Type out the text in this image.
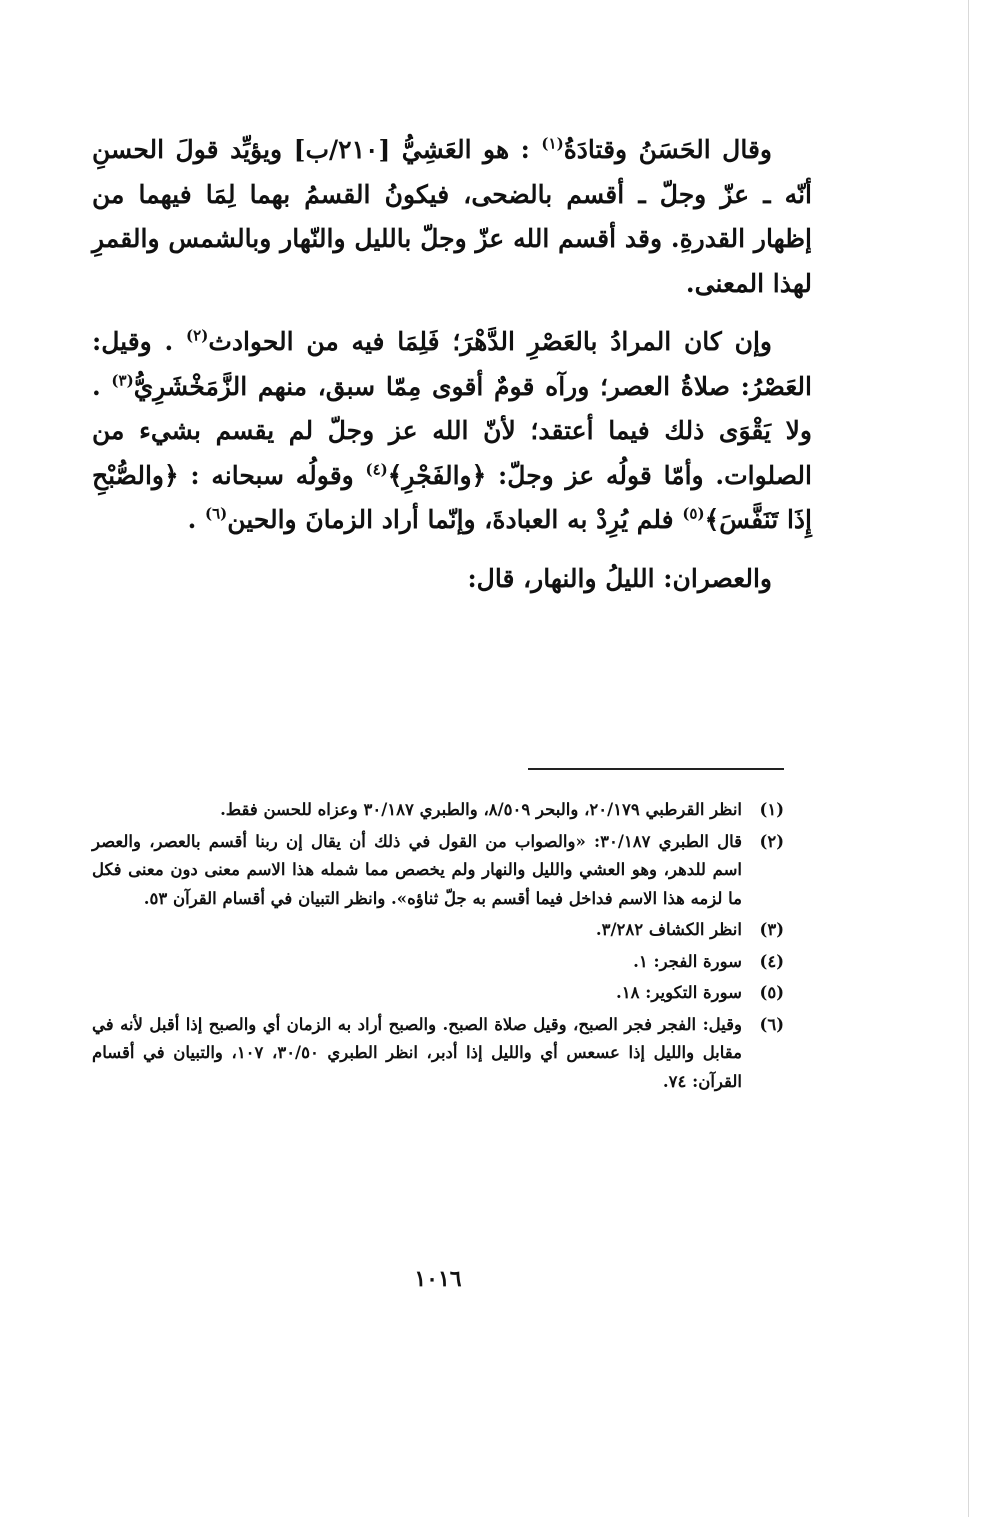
وقال الحَسَنُ وقتادَةُ$^{(١)}$ : هو العَشِيُّ [٢١٠/ب] ويؤيِّد قولَ الحسنِ أنّه ـ عزّ وجلّ ـ أقسم بالضحى، فيكونُ القسمُ بهما لِمَا فيهما من إظهار القدرةِ. وقد أقسم الله عزّ وجلّ بالليل والنّهار وبالشمس والقمرِ لهذا المعنى.

وإن كان المرادُ بالعَصْرِ الدَّهْرَ؛ فَلِمَا فيه من الحوادث$^{(٢)}$ . وقيل: العَصْرُ: صلاةُ العصر؛ ورآه قومٌ أقوى مِمّا سبق، منهم الزَّمَخْشَرِيُّ$^{(٣)}$ . ولا يَقْوَى ذلك فيما أعتقد؛ لأنّ الله عز وجلّ لم يقسم بشيء من الصلوات. وأمّا قولُه عز وجلّ: ﴿والفَجْرِ﴾$^{(٤)}$ وقولُه سبحانه : ﴿والصُّبْحِ إِذَا تَنَفَّسَ﴾$^{(٥)}$ فلم يُرِدْ به العبادةَ، وإنّما أراد الزمانَ والحين$^{(٦)}$ .

والعصران: الليلُ والنهار، قال:

(١)
انظر القرطبي ٢٠/١٧٩، والبحر ٨/٥٠٩، والطبري ٣٠/١٨٧ وعزاه للحسن فقط.
(٢)
قال الطبري ٣٠/١٨٧: «والصواب من القول في ذلك أن يقال إن ربنا أقسم بالعصر، والعصر اسم للدهر، وهو العشي والليل والنهار ولم يخصص مما شمله هذا الاسم معنى دون معنى فكل ما لزمه هذا الاسم فداخل فيما أقسم به جلّ ثناؤه». وانظر التبيان في أقسام القرآن ٥٣.
(٣)
انظر الكشاف ٣/٢٨٢.
(٤)
سورة الفجر: ١.
(٥)
سورة التكوير: ١٨.
(٦)
وقيل: الفجر فجر الصبح، وقيل صلاة الصبح. والصبح أراد به الزمان أي والصبح إذا أقبل لأنه في مقابل والليل إذا عسعس أي والليل إذا أدبر، انظر الطبري ٣٠/٥٠، ١٠٧، والتبيان في أقسام القرآن: ٧٤.
١٠١٦
